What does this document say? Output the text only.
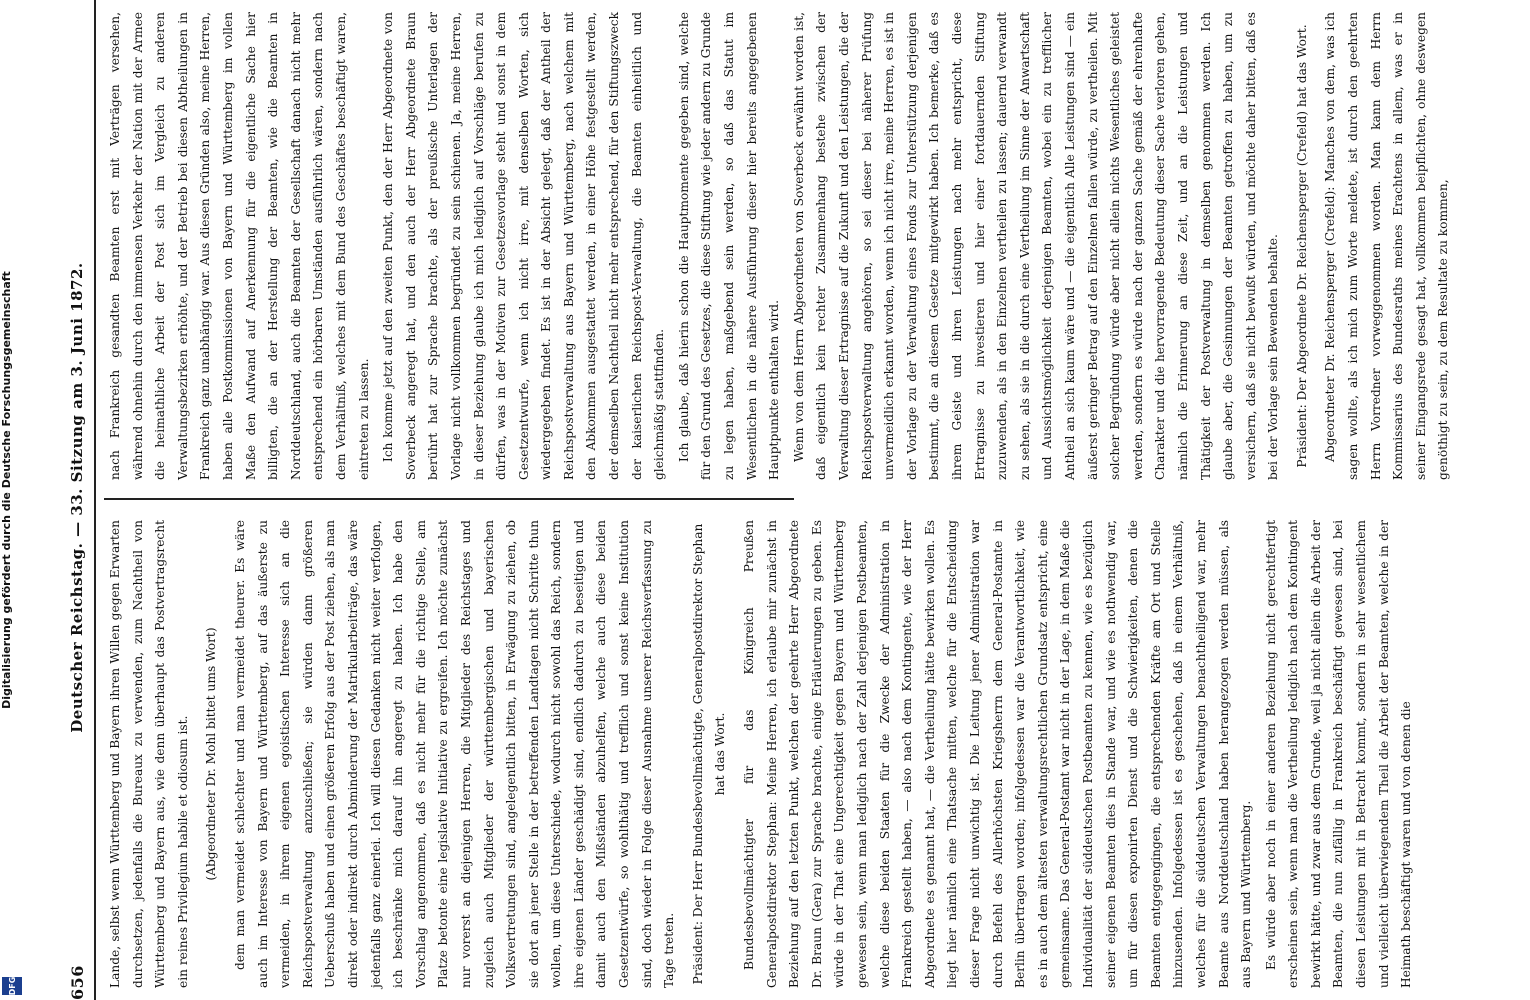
656
Deutscher Reichstag. — 33. Sitzung am 3. Juni 1872.

Lande, selbst wenn Württemberg und Bayern ihren Willen gegen Erwarten durchsetzen, jedenfalls die Bureaux zu verwenden, zum Nachtheil von Württemberg und Bayern aus, wie denn überhaupt das Postvertragsrecht ein reines Privilegium habile et odiosum ist.	(Abgeordneter Dr. Mohl bittet ums Wort)	dem man vermeidet schlechter und man vermeidet theurer. Es wäre auch im Interesse von Bayern und Württemberg, auf das äußerste zu vermeiden, in ihrem eigenen egoistischen Interesse sich an die Reichspostverwaltung anzuschließen; sie würden dann größeren Ueberschuß haben und einen größeren Erfolg aus der Post ziehen, als man direkt oder indirekt durch Abminderung der Matrikularbeiträge, das wäre jedenfalls ganz einerlei. Ich will diesen Gedanken nicht weiter verfolgen, ich beschränke mich darauf ihn angeregt zu haben. Ich habe den Vorschlag angenommen, daß es nicht mehr für die richtige Stelle, am Platze betonte eine legislative Initiative zu ergreifen. Ich möchte zunächst nur vorerst an diejenigen Herren, die Mitglieder des Reichstages und zugleich auch Mitglieder der württembergischen und bayerischen Volksvertretungen sind, angelegentlich bitten, in Erwägung zu ziehen, ob sie dort an jener Stelle in der betreffenden Landtagen nicht Schritte thun wollen, um diese Unterschiede, wodurch nicht sowohl das Reich, sondern ihre eigenen Länder geschädigt sind, endlich dadurch zu beseitigen und damit auch den Mißständen abzuhelfen, welche auch diese beiden Gesetzentwürfe, so wohlthätig und trefflich und sonst keine Institution sind, doch wieder in Folge dieser Ausnahme unserer Reichsverfassung zu Tage treten.	Präsident: Der Herr Bundesbevollmächtigte, Generalpostdirektor Stephan hat das Wort.	Bundesbevollmächtigter für das Königreich Preußen Generalpostdirektor Stephan: Meine Herren, ich erlaube mir zunächst in Beziehung auf den letzten Punkt, welchen der geehrte Herr Abgeordnete Dr. Braun (Gera) zur Sprache brachte, einige Erläuterungen zu geben. Es würde in der That eine Ungerechtigkeit gegen Bayern und Württemberg gewesen sein, wenn man lediglich nach der Zahl derjenigen Postbeamten, welche diese beiden Staaten für die Zwecke der Administration in Frankreich gestellt haben, — also nach dem Kontingente, wie der Herr Abgeordnete es genannt hat, — die Vertheilung hätte bewirken wollen. Es liegt hier nämlich eine Thatsache mitten, welche für die Entscheidung dieser Frage nicht unwichtig ist. Die Leitung jener Administration war durch Befehl des Allerhöchsten Kriegsherrn dem General-Postamte in Berlin übertragen worden; infolgedessen war die Verantwortlichkeit, wie es in auch dem ältesten verwaltungsrechtlichen Grundsatz entspricht, eine gemeinsame. Das General-Postamt war nicht in der Lage, in dem Maße die Individualität der süddeutschen Postbeamten zu kennen, wie es bezüglich seiner eigenen Beamten dies in Stande war, und wie es nothwendig war, um für diesen exponirten Dienst und die Schwierigkeiten, denen die Beamten entgegengingen, die entsprechenden Kräfte am Ort und Stelle hinzusenden. Infolgedessen ist es geschehen, daß in einem Verhältniß, welches für die süddeutschen Verwaltungen benachtheiligend war, mehr Beamte aus Norddeutschland haben herangezogen werden müssen, als aus Bayern und Württemberg. Es würde aber noch in einer anderen Beziehung nicht gerechtfertigt erscheinen sein, wenn man die Vertheilung lediglich nach dem Kontingent bewirkt hätte, und zwar aus dem Grunde, weil ja nicht allein die Arbeit der Beamten, die nun zufällig in Frankreich beschäftigt gewesen sind, bei diesen Leistungen mit in Betracht kommt, sondern in sehr wesentlichem und vielleicht überwiegendem Theil die Arbeit der Beamten, welche in der Heimath beschäftigt waren und von denen die

nach Frankreich gesandten Beamten erst mit Verträgen versehen, während ohnehin durch den immensen Verkehr der Nation mit der Armee die heimathliche Arbeit der Post sich im Vergleich zu anderen Verwaltungsbezirken erhöhte, und der Betrieb bei diesen Abtheilungen in Frankreich ganz unabhängig war. Aus diesen Gründen also, meine Herren, haben alle Postkommissionen von Bayern und Württemberg im vollen Maße den Aufwand auf Anerkennung für die eigentliche Sache hier billigten, die an der Herstellung der Beamten, wie die Beamten in Norddeutschland, auch die Beamten der Gesellschaft danach nicht mehr entsprechend ein hörbaren Umständen ausführlich wären, sondern nach dem Verhältniß, welches mit dem Bund des Geschäftes beschäftigt waren, eintreten zu lassen. Ich komme jetzt auf den zweiten Punkt, den der Herr Abgeordnete von Soverbeck angeregt hat, und den auch der Herr Abgeordnete Braun berührt hat zur Sprache brachte, als der preußische Unterlagen der Vorlage nicht vollkommen begründet zu sein schienen. Ja, meine Herren, in dieser Beziehung glaube ich mich lediglich auf Vorschläge berufen zu dürfen, was in der Motiven zur Gesetzesvorlage steht und sonst in dem Gesetzentwurfe, wenn ich nicht irre, mit denselben Worten, sich wiedergegeben findet. Es ist in der Absicht gelegt, daß der Antheil der Reichspostverwaltung aus Bayern und Württemberg, nach welchem mit den Abkommen ausgestattet werden, in einer Höhe festgestellt werden, der demselben Nachtheil nicht mehr entsprechend, für den Stiftungszweck der kaiserlichen Reichspost-Verwaltung, die Beamten einheitlich und gleichmäßig stattfinden. Ich glaube, daß hierin schon die Hauptmomente gegeben sind, welche für den Grund des Gesetzes, die diese Stiftung wie jeder andern zu Grunde zu legen haben, maßgebend sein werden, so daß das Statut im Wesentlichen in die nähere Ausführung dieser hier bereits angegebenen Hauptpunkte enthalten wird. Wenn von dem Herrn Abgeordneten von Soverbeck erwähnt worden ist, daß eigentlich kein rechter Zusammenhang bestehe zwischen der Verwaltung dieser Ertragnisse auf die Zukunft und den Leistungen, die der Reichspostverwaltung angehören, so sei dieser bei näherer Prüfung unvermeidlich erkannt worden, wenn ich nicht irre, meine Herren, es ist in der Vorlage zu der Verwaltung eines Fonds zur Unterstützung derjenigen bestimmt, die an diesem Gesetze mitgewirkt haben. Ich bemerke, daß es ihrem Geiste und ihren Leistungen nach mehr entspricht, diese Ertragnisse zu investieren und hier einer fortdauernden Stiftung zuzuwenden, als in den Einzelnen vertheilen zu lassen; dauernd verwandt zu sehen, als sie in die durch eine Vertheilung im Sinne der Anwartschaft und Aussichtsmöglichkeit derjenigen Beamten, wobei ein zu trefflicher Antheil an sich kaum wäre und — die eigentlich Alle Leistungen sind — ein äußerst geringer Betrag auf den Einzelnen fallen würde, zu vertheilen. Mit solcher Begründung würde aber nicht allein nichts Wesentliches geleistet werden, sondern es würde nach der ganzen Sache gemäß der ehrenhafte Charakter und die hervorragende Bedeutung dieser Sache verloren gehen, nämlich die Erinnerung an diese Zeit, und an die Leistungen und Thätigkeit der Postverwaltung in demselben genommen werden. Ich glaube aber, die Gesinnungen der Beamten getroffen zu haben, um zu versichern, daß sie nicht bewußt würden, und möchte daher bitten, daß es bei der Vorlage sein Bewenden behalte.	Präsident: Der Abgeordnete Dr. Reichensperger (Crefeld) hat das Wort.	Abgeordneter Dr. Reichensperger (Crefeld): Manches von dem, was ich sagen wollte, als ich mich zum Worte meldete, ist durch den geehrten Herrn Vorredner vorweggenommen worden. Man kann dem Herrn Kommissarius des Bundesraths meines Erachtens in allem, was er in seiner Eingangsrede gesagt hat, vollkommen beipflichten, ohne deswegen genöthigt zu sein, zu dem Resultate zu kommen,

Digitalisierung gefördert durch die Deutsche Forschungsgemeinschaft
DFG
